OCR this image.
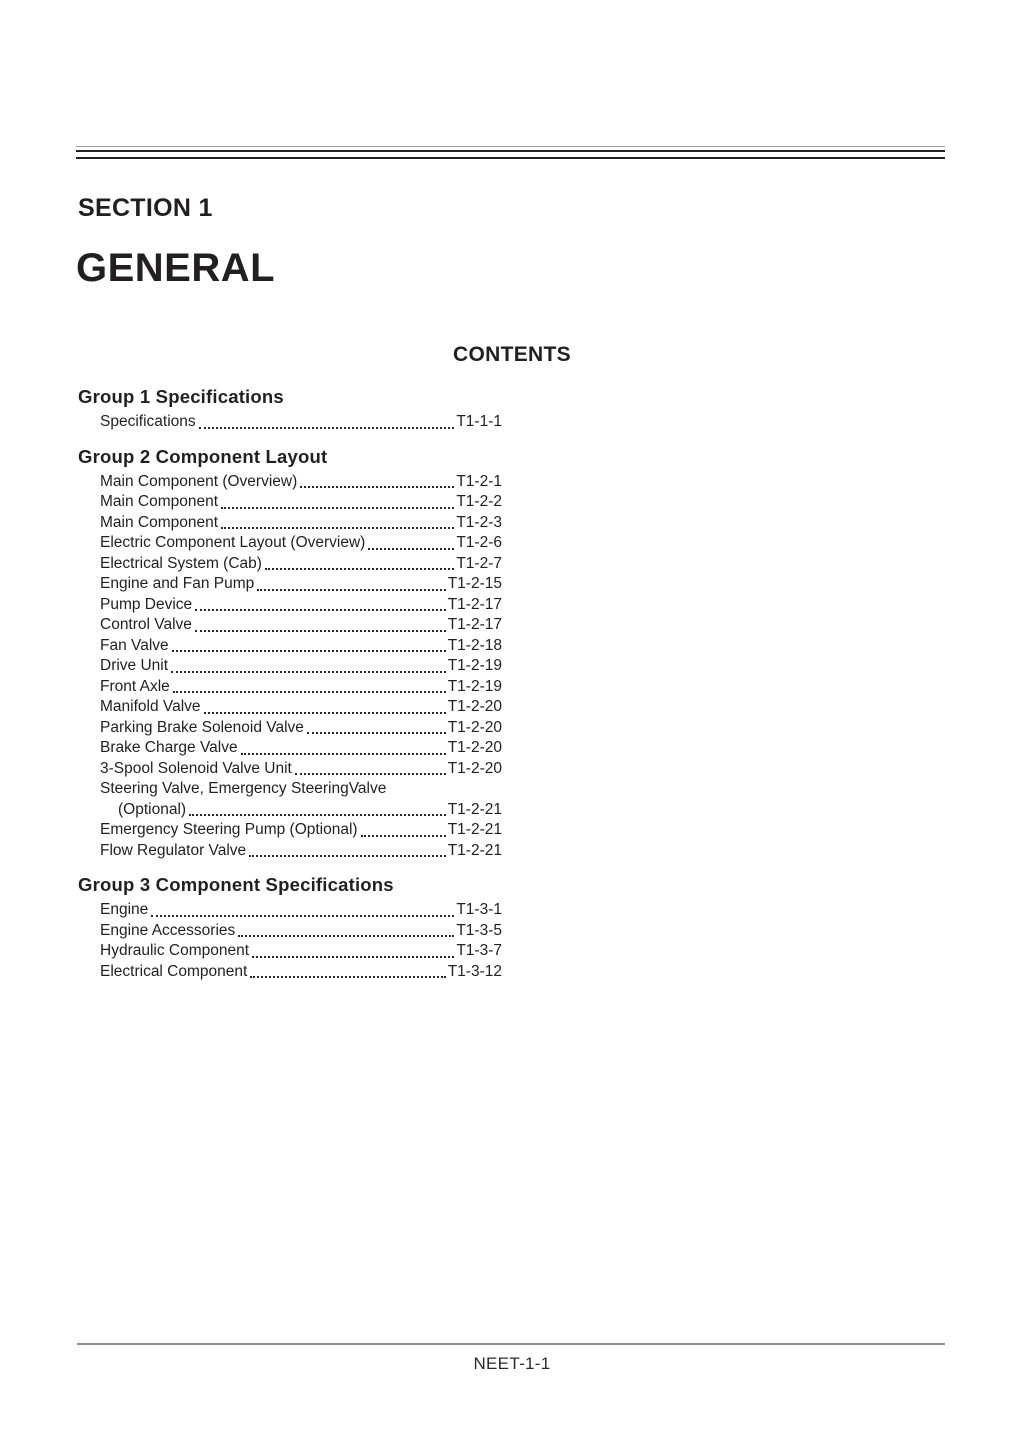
SECTION 1
GENERAL
CONTENTS
Group 1 Specifications
Specifications	T1-1-1
Group 2 Component Layout
Main Component (Overview)	T1-2-1
Main Component	T1-2-2
Main Component	T1-2-3
Electric Component Layout (Overview)	T1-2-6
Electrical System (Cab)	T1-2-7
Engine and Fan Pump	T1-2-15
Pump Device	T1-2-17
Control Valve	T1-2-17
Fan Valve	T1-2-18
Drive Unit	T1-2-19
Front Axle	T1-2-19
Manifold Valve	T1-2-20
Parking Brake Solenoid Valve	T1-2-20
Brake Charge Valve	T1-2-20
3-Spool Solenoid Valve Unit	T1-2-20
Steering Valve, Emergency SteeringValve
(Optional)	T1-2-21
Emergency Steering Pump (Optional)	T1-2-21
Flow Regulator Valve	T1-2-21
Group 3 Component Specifications
Engine	T1-3-1
Engine Accessories	T1-3-5
Hydraulic Component	T1-3-7
Electrical Component	T1-3-12
NEET-1-1
